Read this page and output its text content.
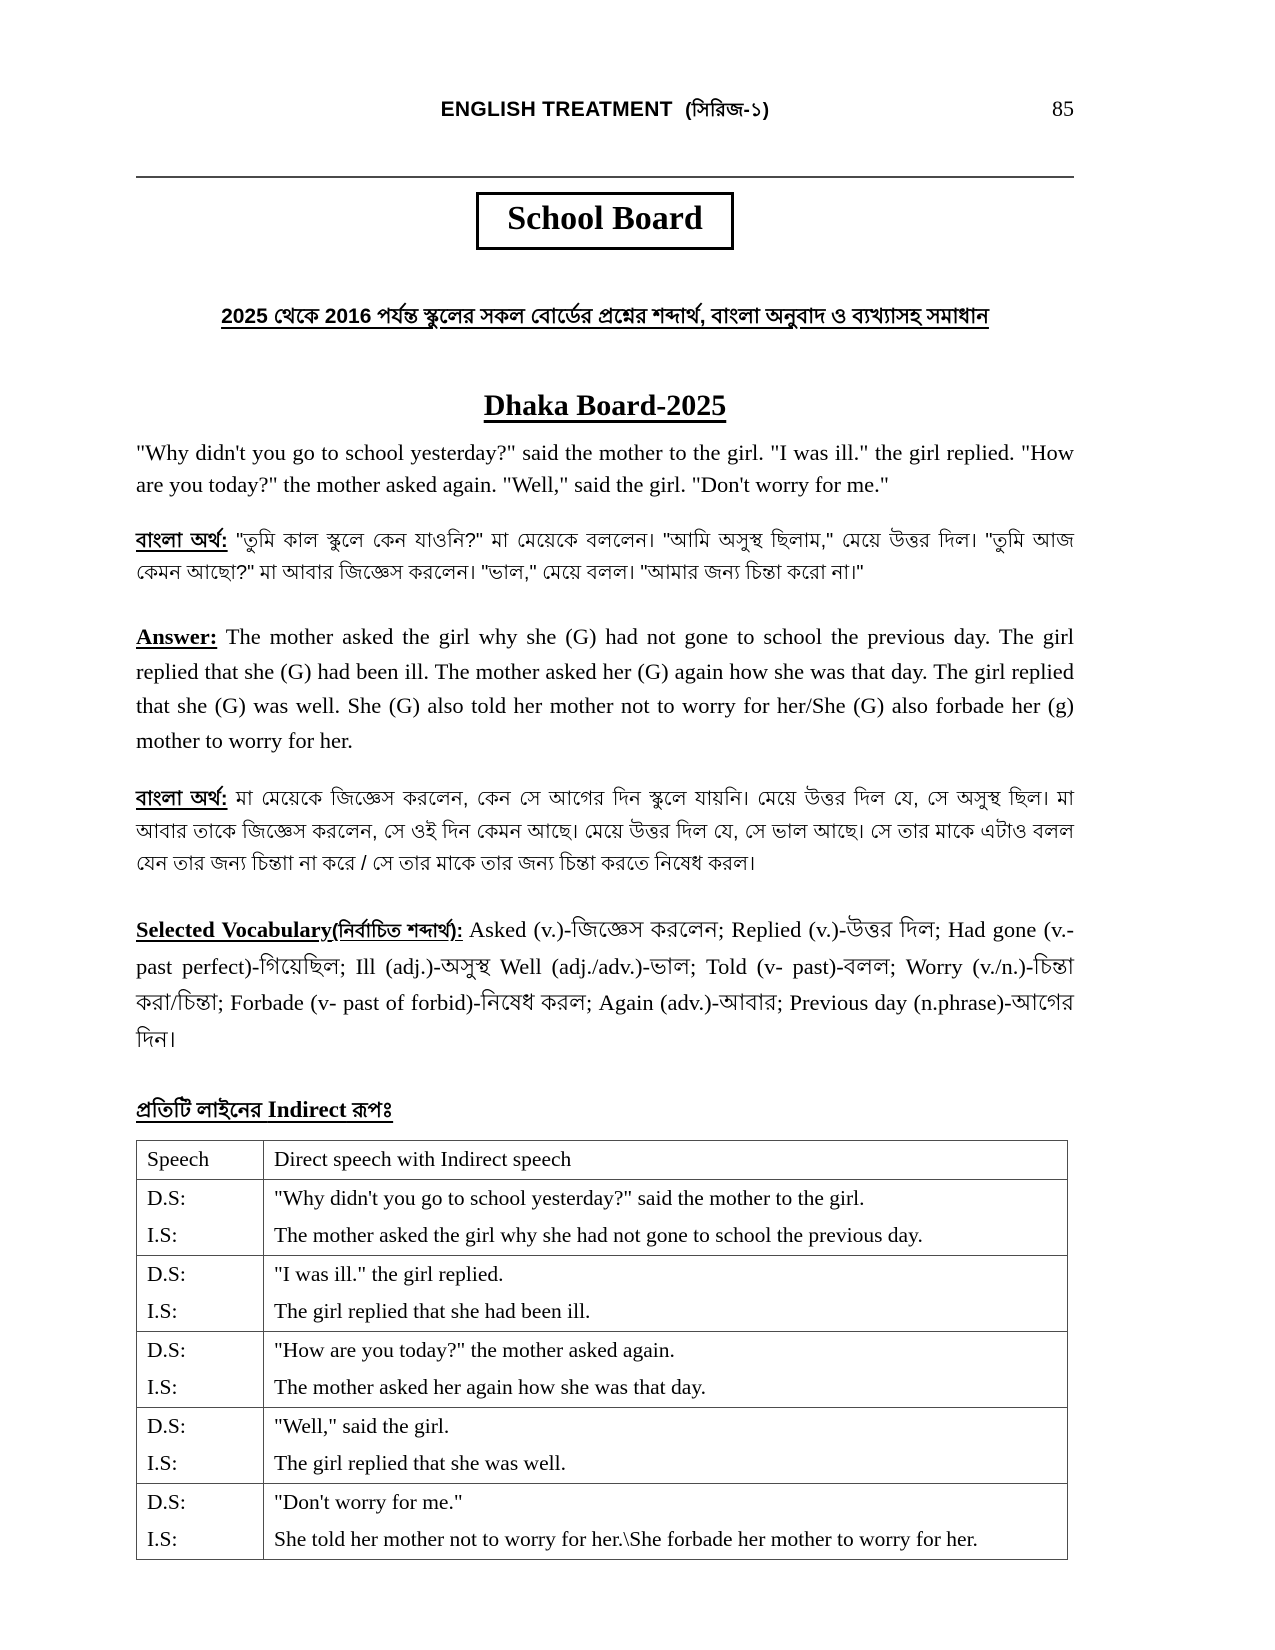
ENGLISH TREATMENT (সিরিজ-১)	85
School Board
2025 থেকে 2016 পর্যন্ত স্কুলের সকল বোর্ডের প্রশ্নের শব্দার্থ, বাংলা অনুবাদ ও ব্যখ্যাসহ সমাধান
Dhaka Board-2025
"Why didn't you go to school yesterday?" said the mother to the girl. "I was ill." the girl replied. "How are you today?" the mother asked again. "Well," said the girl. "Don't worry for me."
বাংলা অর্থ: "তুমি কাল স্কুলে কেন যাওনি?" মা মেয়েকে বললেন। "আমি অসুস্থ ছিলাম," মেয়ে উত্তর দিল। "তুমি আজ কেমন আছো?" মা আবার জিজ্ঞেস করলেন। "ভাল," মেয়ে বলল। "আমার জন্য চিন্তা করো না।"
Answer: The mother asked the girl why she (G) had not gone to school the previous day. The girl replied that she (G) had been ill. The mother asked her (G) again how she was that day. The girl replied that she (G) was well. She (G) also told her mother not to worry for her/She (G) also forbade her (g) mother to worry for her.
বাংলা অর্থ: মা মেয়েকে জিজ্ঞেস করলেন, কেন সে আগের দিন স্কুলে যায়নি। মেয়ে উত্তর দিল যে, সে অসুস্থ ছিল। মা আবার তাকে জিজ্ঞেস করলেন, সে ওই দিন কেমন আছে। মেয়ে উত্তর দিল যে, সে ভাল আছে। সে তার মাকে এটাও বলল যেন তার জন্য চিন্তাা না করে / সে তার মাকে তার জন্য চিন্তা করতে নিষেধ করল।
Selected Vocabulary(নির্বাচিত শব্দার্থ): Asked (v.)-জিজ্ঞেস করলেন; Replied (v.)-উত্তর দিল; Had gone (v.-past perfect)-গিয়েছিল; Ill (adj.)-অসুস্থ Well (adj./adv.)-ভাল; Told (v- past)-বলল; Worry (v./n.)-চিন্তা করা/চিন্তা; Forbade (v- past of forbid)-নিষেধ করল; Again (adv.)-আবার; Previous day (n.phrase)-আগের দিন।
প্রতিটি লাইনের Indirect রূপঃ
Speech	Direct speech with Indirect speech
D.S:	"Why didn't you go to school yesterday?" said the mother to the girl.
I.S:	The mother asked the girl why she had not gone to school the previous day.
D.S:	"I was ill." the girl replied.
I.S:	The girl replied that she had been ill.
D.S:	"How are you today?" the mother asked again.
I.S:	The mother asked her again how she was that day.
D.S:	"Well," said the girl.
I.S:	The girl replied that she was well.
D.S:	"Don't worry for me."
I.S:	She told her mother not to worry for her.\She forbade her mother to worry for her.
